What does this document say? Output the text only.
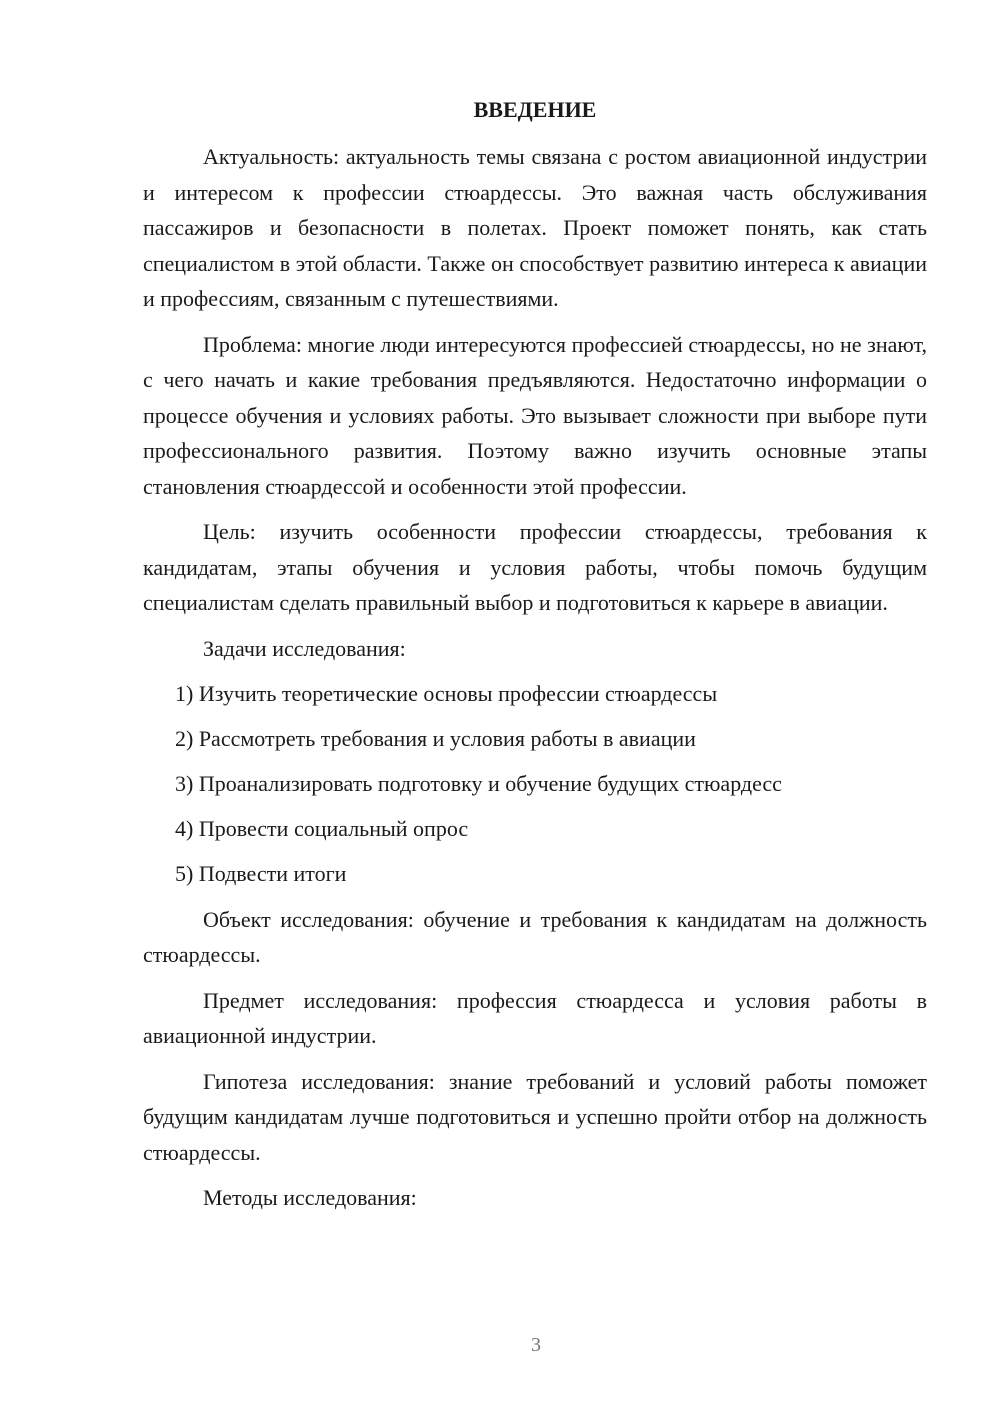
ВВЕДЕНИЕ

Актуальность: актуальность темы связана с ростом авиационной индустрии и интересом к профессии стюардессы. Это важная часть обслуживания пассажиров и безопасности в полетах. Проект поможет понять, как стать специалистом в этой области. Также он способствует развитию интереса к авиации и профессиям, связанным с путешествиями.

Проблема: многие люди интересуются профессией стюардессы, но не знают, с чего начать и какие требования предъявляются. Недостаточно информации о процессе обучения и условиях работы. Это вызывает сложности при выборе пути профессионального развития. Поэтому важно изучить основные этапы становления стюардессой и особенности этой профессии.

Цель: изучить особенности профессии стюардессы, требования к кандидатам, этапы обучения и условия работы, чтобы помочь будущим специалистам сделать правильный выбор и подготовиться к карьере в авиации.

Задачи исследования:

1) Изучить теоретические основы профессии стюардессы
2) Рассмотреть требования и условия работы в авиации
3) Проанализировать подготовку и обучение будущих стюардесс
4) Провести социальный опрос
5) Подвести итоги

Объект исследования: обучение и требования к кандидатам на должность стюардессы.

Предмет исследования: профессия стюардесса и условия работы в авиационной индустрии.

Гипотеза исследования: знание требований и условий работы поможет будущим кандидатам лучше подготовиться и успешно пройти отбор на должность стюардессы.

Методы исследования:

3
